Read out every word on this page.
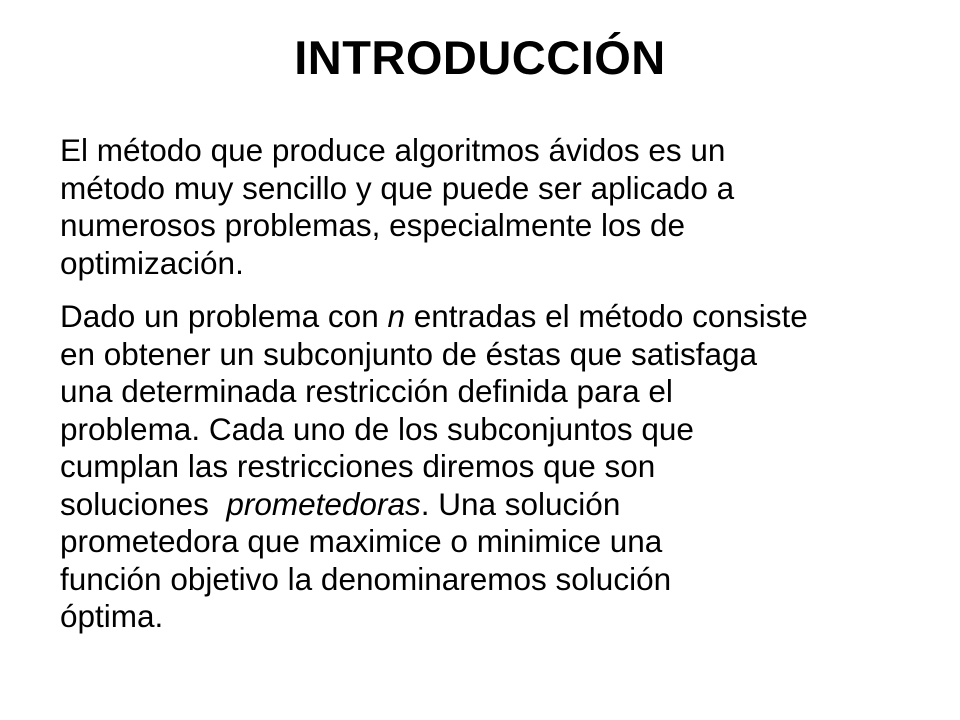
INTRODUCCIÓN

El método que produce algoritmos ávidos es un
método muy sencillo y que puede ser aplicado a
numerosos problemas, especialmente los de
optimización.

Dado un problema con n entradas el método consiste
en obtener un subconjunto de éstas que satisfaga
una determinada restricción definida para el
problema. Cada uno de los subconjuntos que
cumplan las restricciones diremos que son
soluciones  prometedoras. Una solución
prometedora que maximice o minimice una
función objetivo la denominaremos solución
óptima.
